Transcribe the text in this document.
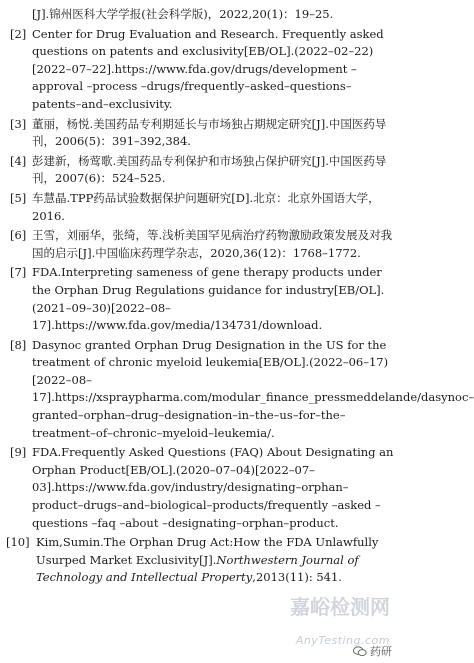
[J].锦州医科大学学报(社会科学版)，2022,20(1)：19–25.
[2] Center for Drug Evaluation and Research. Frequently asked questions on patents and exclusivity[EB/OL].(2022–02–22)[2022–07–22].https://www.fda.gov/drugs/development –approval –process –drugs/frequently–asked–questions–patents–and–exclusivity.
[3] 董丽，杨悦.美国药品专利期延长与市场独占期规定研究[J].中国医药导刊，2006(5)：391–392,384.
[4] 彭建新，杨莺歌.美国药品专利保护和市场独占保护研究[J].中国医药导刊，2007(6)：524–525.
[5] 车慧晶.TPP药品试验数据保护问题研究[D].北京：北京外国语大学，2016.
[6] 王雪，刘丽华，张绮，等.浅析美国罕见病治疗药物激励政策发展及对我国的启示[J].中国临床药理学杂志，2020,36(12)：1768–1772.
[7] FDA.Interpreting sameness of gene therapy products under the Orphan Drug Regulations guidance for industry[EB/OL].(2021–09–30)[2022–08–17].https://www.fda.gov/media/134731/download.
[8] Dasynoc granted Orphan Drug Designation in the US for the treatment of chronic myeloid leukemia[EB/OL].(2022–06–17)[2022–08–17].https://xspraypharma.com/modular_finance_pressmeddelande/dasynoc–granted–orphan–drug–designation–in–the–us–for–the–treatment–of–chronic–myeloid–leukemia/.
[9] FDA.Frequently Asked Questions (FAQ) About Designating an Orphan Product[EB/OL].(2020–07–04)[2022–07–03].https://www.fda.gov/industry/designating–orphan–product–drugs–and–biological–products/frequently –asked –questions –faq –about –designating–orphan–product.
[10] Kim,Sumin.The Orphan Drug Act:How the FDA Unlawfully Usurped Market Exclusivity[J].Northwestern Journal of Technology and Intellectual Property,2013(11): 541.
嘉峪检测网
AnyTesting.com
药研
